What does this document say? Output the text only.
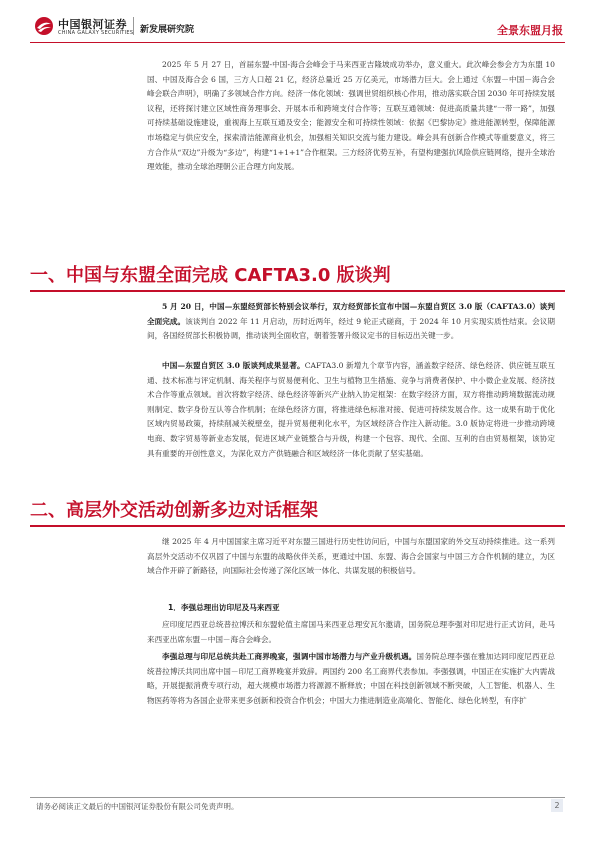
中国银河证券
CHINA GALAXY SECURITIES 新发展研究院	全景东盟月报

2025 年 5 月 27 日，首届东盟-中国-海合会峰会于马来西亚吉隆坡成功举办，意义重大。此次峰会参会方为东盟 10 国、中国及海合会 6 国，三方人口超 21 亿，经济总量近 25 万亿美元，市场潜力巨大。会上通过《东盟－中国－海合会峰会联合声明》，明确了多领域合作方向。经济一体化领域：强调世贸组织核心作用，推动落实联合国 2030 年可持续发展议程，还将探讨建立区域性商务理事会、开展本币和跨境支付合作等；互联互通领域：促进高质量共建“一带一路”，加强可持续基础设施建设，重视海上互联互通及安全；能源安全和可持续性领域：依据《巴黎协定》推进能源转型，保障能源市场稳定与供应安全，探索清洁能源商业机会，加强相关知识交流与能力建设。峰会具有创新合作模式等重要意义，将三方合作从“双边”升级为“多边”，构建“1+1+1”合作框架。三方经济优势互补，有望构建强抗风险供应链网络，提升全球治理效能，推动全球治理朝公正合理方向发展。

一、中国与东盟全面完成 CAFTA3.0 版谈判

5 月 20 日，中国—东盟经贸部长特别会议举行，双方经贸部长宣布中国—东盟自贸区 3.0 版（CAFTA3.0）谈判全面完成。该谈判自 2022 年 11 月启动，历时近两年，经过 9 轮正式磋商，于 2024 年 10 月实现实质性结束。会议期间，各国经贸部长积极协调，推动谈判全面收官，朝着签署升级议定书的目标迈出关键一步。

中国—东盟自贸区 3.0 版谈判成果显著。CAFTA3.0 新增九个章节内容，涵盖数字经济、绿色经济、供应链互联互通、技术标准与评定机制、海关程序与贸易便利化、卫生与植物卫生措施、竞争与消费者保护、中小微企业发展、经济技术合作等重点领域。首次将数字经济、绿色经济等新兴产业纳入协定框架：在数字经济方面，双方将推动跨境数据流动规则制定、数字身份互认等合作机制；在绿色经济方面，将推进绿色标准对接、促进可持续发展合作。这一成果有助于优化区域内贸易政策，持续削减关税壁垒，提升贸易便利化水平，为区域经济合作注入新动能。3.0 版协定将进一步推动跨境电商、数字贸易等新业态发展，促进区域产业链整合与升级，构建一个包容、现代、全面、互利的自由贸易框架，该协定具有重要的开创性意义，为深化双方产供链融合和区域经济一体化贡献了坚实基础。

二、高层外交活动创新多边对话框架

继 2025 年 4 月中国国家主席习近平对东盟三国进行历史性访问后，中国与东盟国家的外交互动持续推进。这一系列高层外交活动不仅巩固了中国与东盟的战略伙伴关系，更通过中国、东盟、海合会国家与中国三方合作机制的建立，为区域合作开辟了新路径，向国际社会传递了深化区域一体化、共谋发展的积极信号。

1．李强总理出访印尼及马来西亚

应印度尼西亚总统普拉博沃和东盟轮值主席国马来西亚总理安瓦尔邀请，国务院总理李强对印尼进行正式访问，赴马来西亚出席东盟－中国－海合会峰会。

李强总理与印尼总统共赴工商界晚宴，强调中国市场潜力与产业升级机遇。国务院总理李强在雅加达同印度尼西亚总统普拉博沃共同出席中国－印尼工商界晚宴并致辞。两国约 200 名工商界代表参加。李强强调，中国正在实施扩大内需战略，开展提振消费专项行动，超大规模市场潜力将源源不断释放；中国在科技创新领域不断突破，人工智能、机器人、生物医药等将为各国企业带来更多创新和投资合作机会；中国大力推进制造业高端化、智能化、绿色化转型，有序扩

请务必阅读正文最后的中国银河证券股份有限公司免责声明。	2
